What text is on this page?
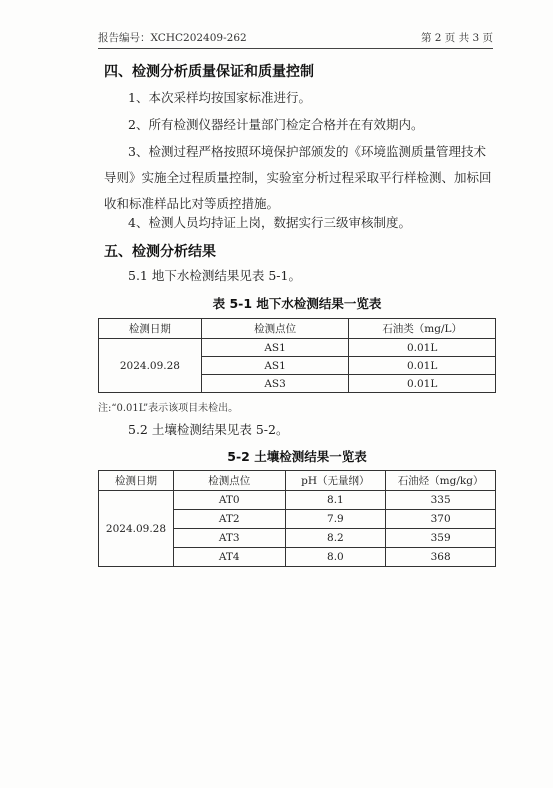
报告编号：XCHC202409-262	第 2 页 共 3 页
四、检测分析质量保证和质量控制
1、本次采样均按国家标准进行。
2、所有检测仪器经计量部门检定合格并在有效期内。
3、检测过程严格按照环境保护部颁发的《环境监测质量管理技术导则》实施全过程质量控制，实验室分析过程采取平行样检测、加标回收和标准样品比对等质控措施。
4、检测人员均持证上岗，数据实行三级审核制度。
五、检测分析结果
5.1 地下水检测结果见表 5-1。
表 5-1 地下水检测结果一览表
检测日期	检测点位	石油类（mg/L）
2024.09.28	AS1	0.01L
	AS1	0.01L
	AS3	0.01L
注:“0.01L”表示该项目未检出。
5.2 土壤检测结果见表 5-2。
5-2 土壤检测结果一览表
检测日期	检测点位	pH（无量纲）	石油烃（mg/kg）
2024.09.28	AT0	8.1	335
	AT2	7.9	370
	AT3	8.2	359
	AT4	8.0	368
